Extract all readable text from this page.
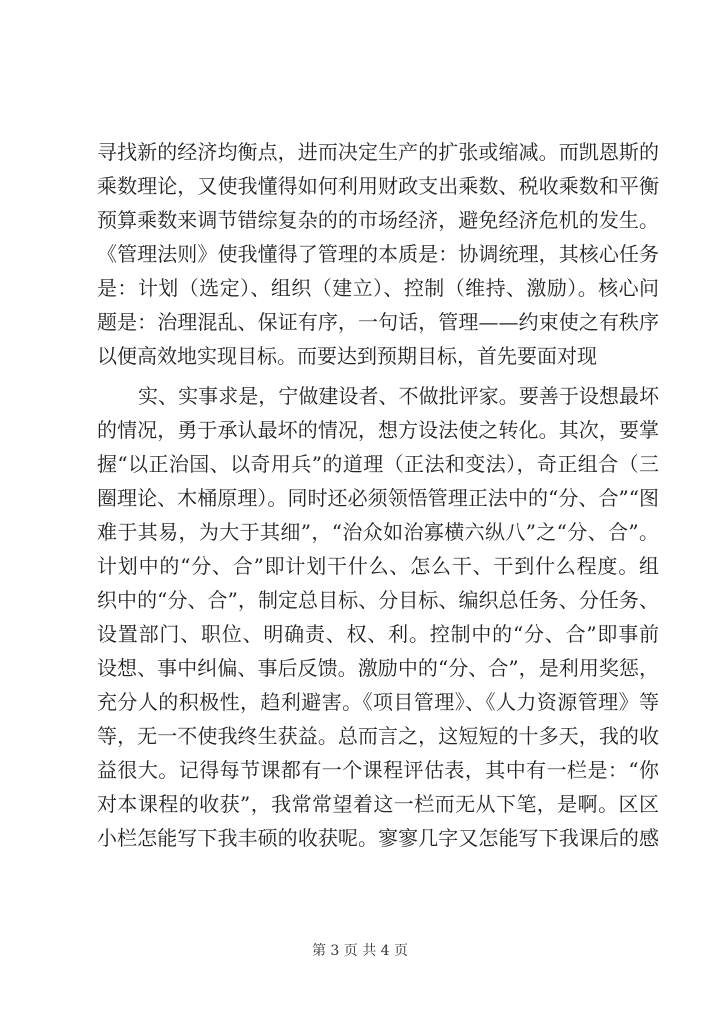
寻找新的经济均衡点，进而决定生产的扩张或缩减。而凯恩斯的
乘数理论，又使我懂得如何利用财政支出乘数、税收乘数和平衡
预算乘数来调节错综复杂的的市场经济，避免经济危机的发生。
《管理法则》使我懂得了管理的本质是：协调统理，其核心任务
是：计划（选定）、组织（建立）、控制（维持、激励）。核心问
题是：治理混乱、保证有序，一句话，管理——约束使之有秩序
以便高效地实现目标。而要达到预期目标，首先要面对现
实、实事求是，宁做建设者、不做批评家。要善于设想最坏
的情况，勇于承认最坏的情况，想方设法使之转化。其次，要掌
握“以正治国、以奇用兵”的道理（正法和变法），奇正组合（三
圈理论、木桶原理）。同时还必须领悟管理正法中的“分、合”“图
难于其易，为大于其细”，“治众如治寡横六纵八”之“分、合”。
计划中的“分、合”即计划干什么、怎么干、干到什么程度。组
织中的“分、合”，制定总目标、分目标、编织总任务、分任务、
设置部门、职位、明确责、权、利。控制中的“分、合”即事前
设想、事中纠偏、事后反馈。激励中的“分、合”，是利用奖惩，
充分人的积极性，趋利避害。《项目管理》、《人力资源管理》等
等，无一不使我终生获益。总而言之，这短短的十多天，我的收
益很大。记得每节课都有一个课程评估表，其中有一栏是：“你
对本课程的收获”，我常常望着这一栏而无从下笔，是啊。区区
小栏怎能写下我丰硕的收获呢。寥寥几字又怎能写下我课后的感
第 3 页 共 4 页
